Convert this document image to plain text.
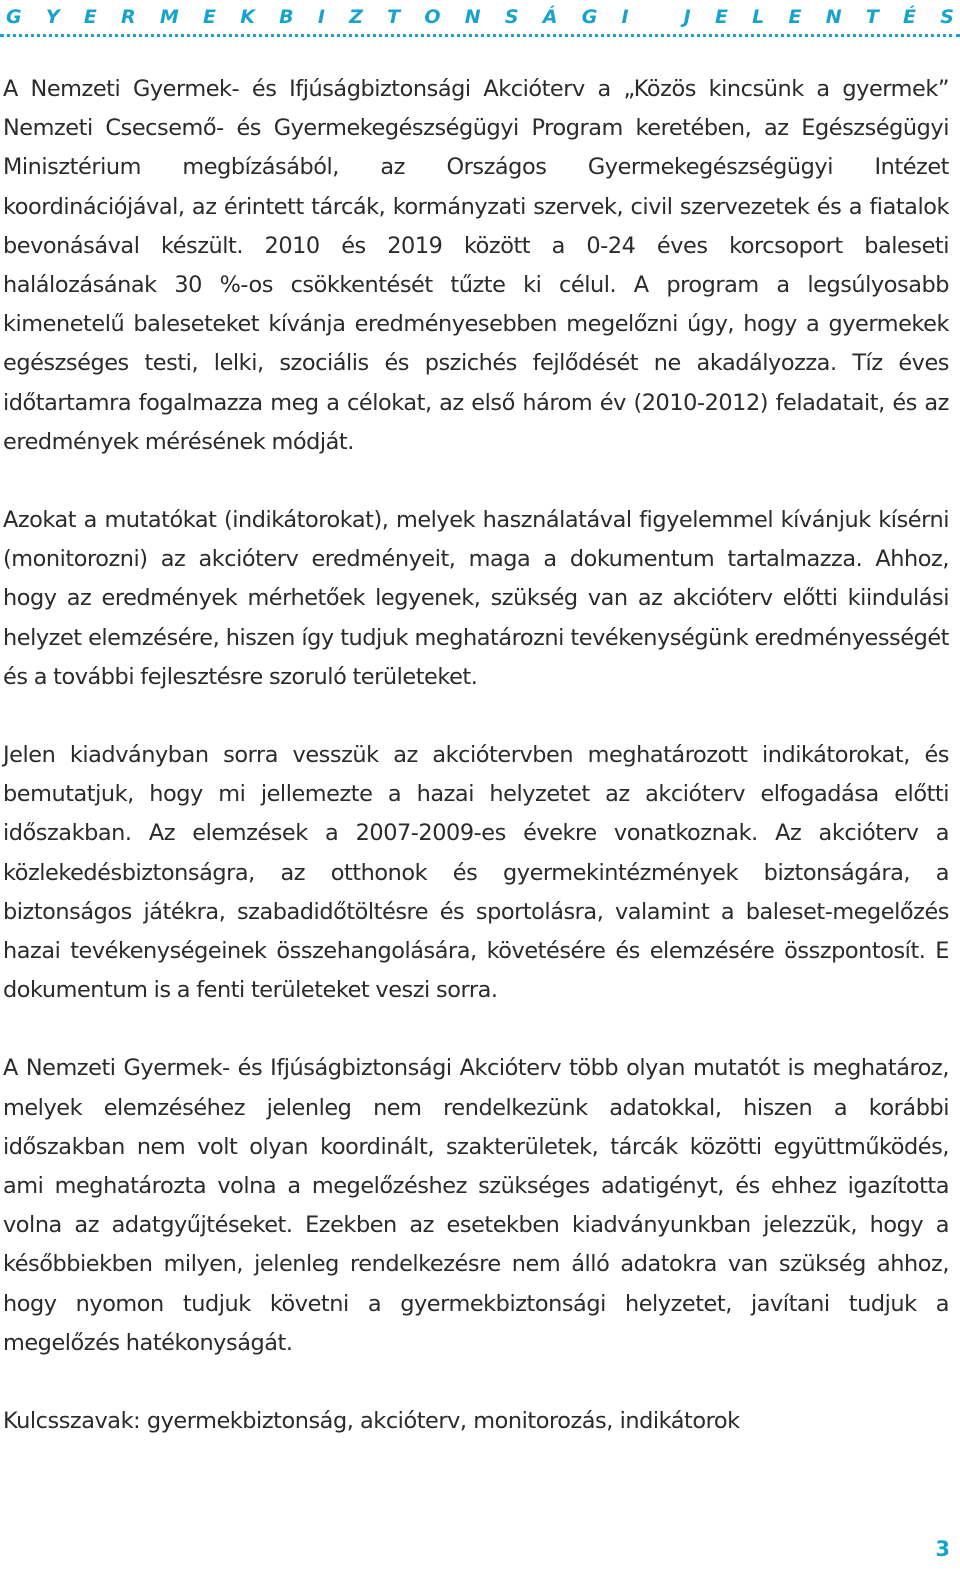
G Y E R M E K B I Z T O N S Á G I
	J E L E N T É S

A Nemzeti Gyermek- és Ifjúságbiztonsági Akcióterv a „Közös kincsünk a gyermek” Nemzeti Csecsemő- és Gyermekegészségügyi Program keretében, az Egészségügyi Minisztérium megbízásából, az Országos Gyermekegészségügyi Intézet koordinációjával, az érintett tárcák, kormányzati szervek, civil szervezetek és a fiatalok bevonásával készült. 2010 és 2019 között a 0-24 éves korcsoport baleseti halálozásának 30 %-os csökkentését tűzte ki célul. A program a legsúlyosabb kimenetelű baleseteket kívánja eredményesebben megelőzni úgy, hogy a gyermekek egészséges testi, lelki, szociális és pszichés fejlődését ne akadályozza. Tíz éves időtartamra fogalmazza meg a célokat, az első három év (2010-2012) feladatait, és az eredmények mérésének módját.

Azokat a mutatókat (indikátorokat), melyek használatával figyelemmel kívánjuk kísérni (monitorozni) az akcióterv eredményeit, maga a dokumentum tartalmazza. Ahhoz, hogy az eredmények mérhetőek legyenek, szükség van az akcióterv előtti kiindulási helyzet elemzésére, hiszen így tudjuk meghatározni tevékenységünk eredményességét és a további fejlesztésre szoruló területeket.

Jelen kiadványban sorra vesszük az akciótervben meghatározott indikátorokat, és bemutatjuk, hogy mi jellemezte a hazai helyzetet az akcióterv elfogadása előtti időszakban. Az elemzések a 2007-2009-es évekre vonatkoznak. Az akcióterv a közlekedésbiztonságra, az otthonok és gyermekintézmények biztonságára, a biztonságos játékra, szabadidőtöltésre és sportolásra, valamint a baleset-megelőzés hazai tevékenységeinek összehangolására, követésére és elemzésére összpontosít. E dokumentum is a fenti területeket veszi sorra.

A Nemzeti Gyermek- és Ifjúságbiztonsági Akcióterv több olyan mutatót is meghatároz, melyek elemzéséhez jelenleg nem rendelkezünk adatokkal, hiszen a korábbi időszakban nem volt olyan koordinált, szakterületek, tárcák közötti együttműködés, ami meghatározta volna a megelőzéshez szükséges adatigényt, és ehhez igazította volna az adatgyűjtéseket. Ezekben az esetekben kiadványunkban jelezzük, hogy a későbbiekben milyen, jelenleg rendelkezésre nem álló adatokra van szükség ahhoz, hogy nyomon tudjuk követni a gyermekbiztonsági helyzetet, javítani tudjuk a megelőzés hatékonyságát.

Kulcsszavak: gyermekbiztonság, akcióterv, monitorozás, indikátorok

3
